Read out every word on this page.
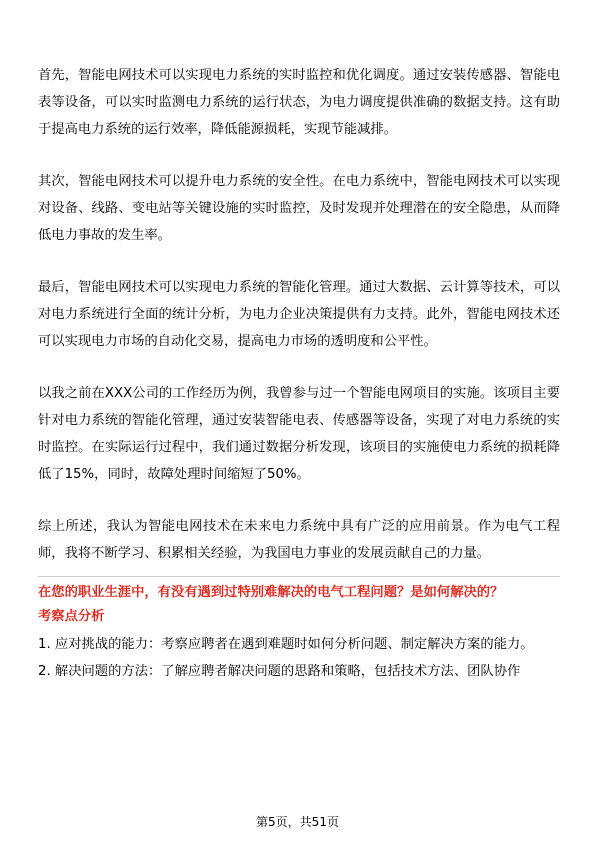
首先，智能电网技术可以实现电力系统的实时监控和优化调度。通过安装传感器、智能电表等设备，可以实时监测电力系统的运行状态，为电力调度提供准确的数据支持。这有助于提高电力系统的运行效率，降低能源损耗，实现节能减排。

其次，智能电网技术可以提升电力系统的安全性。在电力系统中，智能电网技术可以实现对设备、线路、变电站等关键设施的实时监控，及时发现并处理潜在的安全隐患，从而降低电力事故的发生率。

最后，智能电网技术可以实现电力系统的智能化管理。通过大数据、云计算等技术，可以对电力系统进行全面的统计分析，为电力企业决策提供有力支持。此外，智能电网技术还可以实现电力市场的自动化交易，提高电力市场的透明度和公平性。

以我之前在XXX公司的工作经历为例，我曾参与过一个智能电网项目的实施。该项目主要针对电力系统的智能化管理，通过安装智能电表、传感器等设备，实现了对电力系统的实时监控。在实际运行过程中，我们通过数据分析发现，该项目的实施使电力系统的损耗降低了15%，同时，故障处理时间缩短了50%。

综上所述，我认为智能电网技术在未来电力系统中具有广泛的应用前景。作为电气工程师，我将不断学习、积累相关经验，为我国电力事业的发展贡献自己的力量。

在您的职业生涯中，有没有遇到过特别难解决的电气工程问题？是如何解决的？

考察点分析

1. 应对挑战的能力：考察应聘者在遇到难题时如何分析问题、制定解决方案的能力。

2. 解决问题的方法：了解应聘者解决问题的思路和策略，包括技术方法、团队协作

第5页，共51页
